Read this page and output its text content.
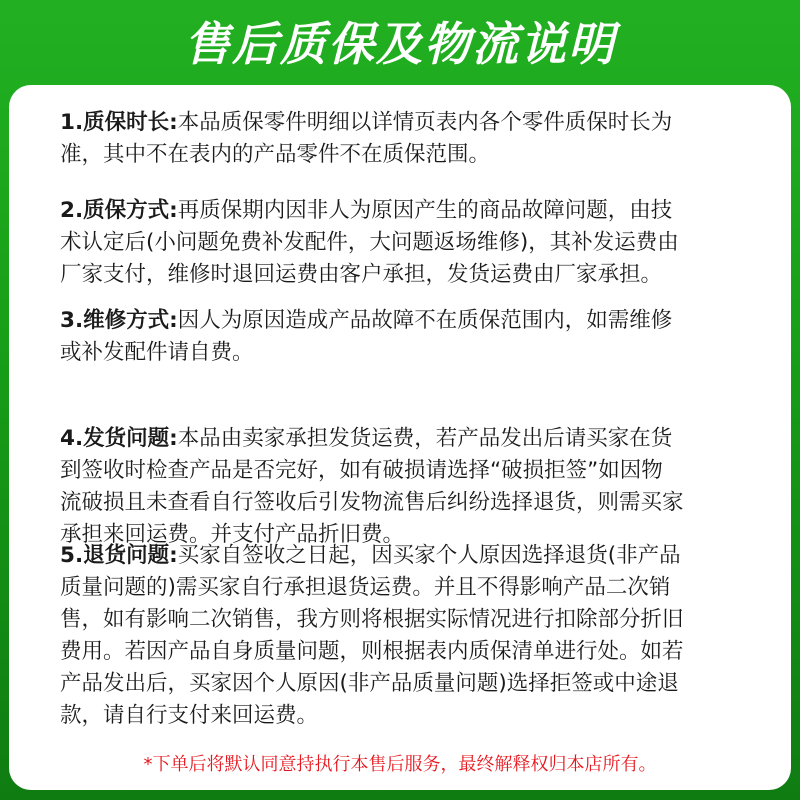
售后质保及物流说明
1.质保时长:本品质保零件明细以详情页表内各个零件质保时长为
准，其中不在表内的产品零件不在质保范围。
2.质保方式:再质保期内因非人为原因产生的商品故障问题，由技
术认定后(小问题免费补发配件，大问题返场维修)，其补发运费由
厂家支付，维修时退回运费由客户承担，发货运费由厂家承担。
3.维修方式:因人为原因造成产品故障不在质保范围内，如需维修
或补发配件请自费。
4.发货问题:本品由卖家承担发货运费，若产品发出后请买家在货
到签收时检查产品是否完好，如有破损请选择“破损拒签”如因物
流破损且未查看自行签收后引发物流售后纠纷选择退货，则需买家
承担来回运费。并支付产品折旧费。
5.退货问题:买家自签收之日起，因买家个人原因选择退货(非产品
质量问题的)需买家自行承担退货运费。并且不得影响产品二次销
售，如有影响二次销售，我方则将根据实际情况进行扣除部分折旧
费用。若因产品自身质量问题，则根据表内质保清单进行处。如若
产品发出后，买家因个人原因(非产品质量问题)选择拒签或中途退
款，请自行支付来回运费。
*下单后将默认同意持执行本售后服务，最终解释权归本店所有。
